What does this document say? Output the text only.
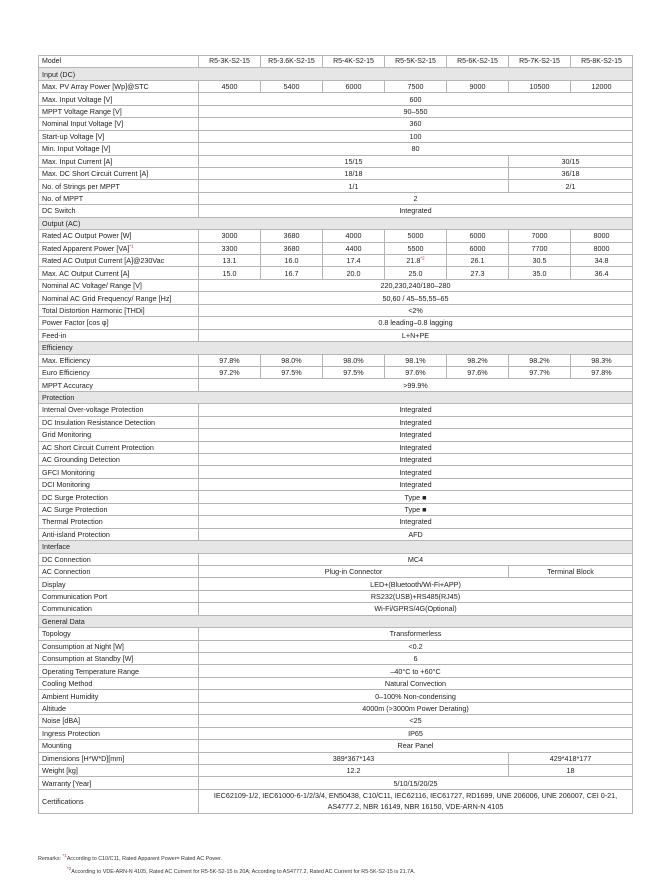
Model	R5-3K-S2-15	R5-3.6K-S2-15	R5-4K-S2-15	R5-5K-S2-15	R5-6K-S2-15	R5-7K-S2-15	R5-8K-S2-15
Input (DC)							
Max. PV Array Power [Wp]@STC	4500	5400	6000	7500	9000	10500	12000
Max. Input Voltage [V]	600						
MPPT Voltage Range [V]	90–550						
Nominal Input Voltage [V]	360						
Start-up Voltage [V]	100						
Min. Input Voltage [V]	80						
Max. Input Current [A]	15/15					30/15	
Max. DC Short Circuit Current [A]	18/18					36/18	
No. of Strings per MPPT	1/1					2/1	
No. of MPPT	2						
DC Switch	Integrated						
Output (AC)							
Rated AC Output Power [W]	3000	3680	4000	5000	6000	7000	8000
Rated Apparent Power [VA]$^{*1}$	3300	3680	4400	5500	6000	7700	8000
Rated AC Output Current [A]@230Vac	13.1	16.0	17.4	21.8$^{*2}$	26.1	30.5	34.8
Max. AC Output Current [A]	15.0	16.7	20.0	25.0	27.3	35.0	36.4
Nominal AC Voltage/ Range [V]	220,230,240/180–280						
Nominal AC Grid Frequency/ Range [Hz]	50,60 / 45–55,55–65						
Total Distortion Harmonic [THDi]	<2%						
Power Factor [cos φ]	0.8 leading–0.8 lagging						
Feed-in	L+N+PE						
Efficiency							
Max. Efficiency	97.8%	98.0%	98.0%	98.1%	98.2%	98.2%	98.3%
Euro Efficiency	97.2%	97.5%	97.5%	97.6%	97.6%	97.7%	97.8%
MPPT Accuracy	>99.9%						
Protection							
Internal Over-voltage Protection	Integrated						
DC Insulation Resistance Detection	Integrated						
Grid Monitoring	Integrated						
AC Short Circuit Current Protection	Integrated						
AC Grounding Detection	Integrated						
GFCI Monitoring	Integrated						
DCI Monitoring	Integrated						
DC Surge Protection	Type ■						
AC Surge Protection	Type ■						
Thermal Protection	Integrated						
Anti-island Protection	AFD						
Interface							
DC Connection	MC4						
AC Connection	Plug-in Connector					Terminal Block	
Display	LED+(Bluetooth/Wi-Fi+APP)						
Communication Port	RS232(USB)+RS485(RJ45)						
Communication	Wi-Fi/GPRS/4G(Optional)						
General Data							
Topology	Transformerless						
Consumption at Night [W]	<0.2						
Consumption at Standby [W]	6						
Operating Temperature Range	–40°C to +60°C						
Cooling Method	Natural Convection						
Ambient Humidity	0–100% Non-condensing						
Altitude	4000m (>3000m Power Derating)						
Noise [dBA]	<25						
Ingress Protection	IP65						
Mounting	Rear Panel						
Dimensions [H*W*D][mm]	389*367*143					429*418*177	
Weight [kg]	12.2					18	
Warranty [Year]	5/10/15/20/25						
Certifications	IEC62109-1/2, IEC61000-6-1/2/3/4, EN50438, C10/C11, IEC62116, IEC61727, RD1699, UNE 206006, UNE 206007, CEI 0-21, AS4777.2, NBR 16149, NBR 16150, VDE-ARN-N 4105						
Remarks: $^{*1}$According to C10/C11, Rated Apparent Power= Rated AC Power.
$^{*2}$According to VDE-ARN-N 4105, Rated AC Current for R5-5K-S2-15 is 20A; According to AS4777.2, Rated AC Current for R5-5K-S2-15 is 21.7A.
